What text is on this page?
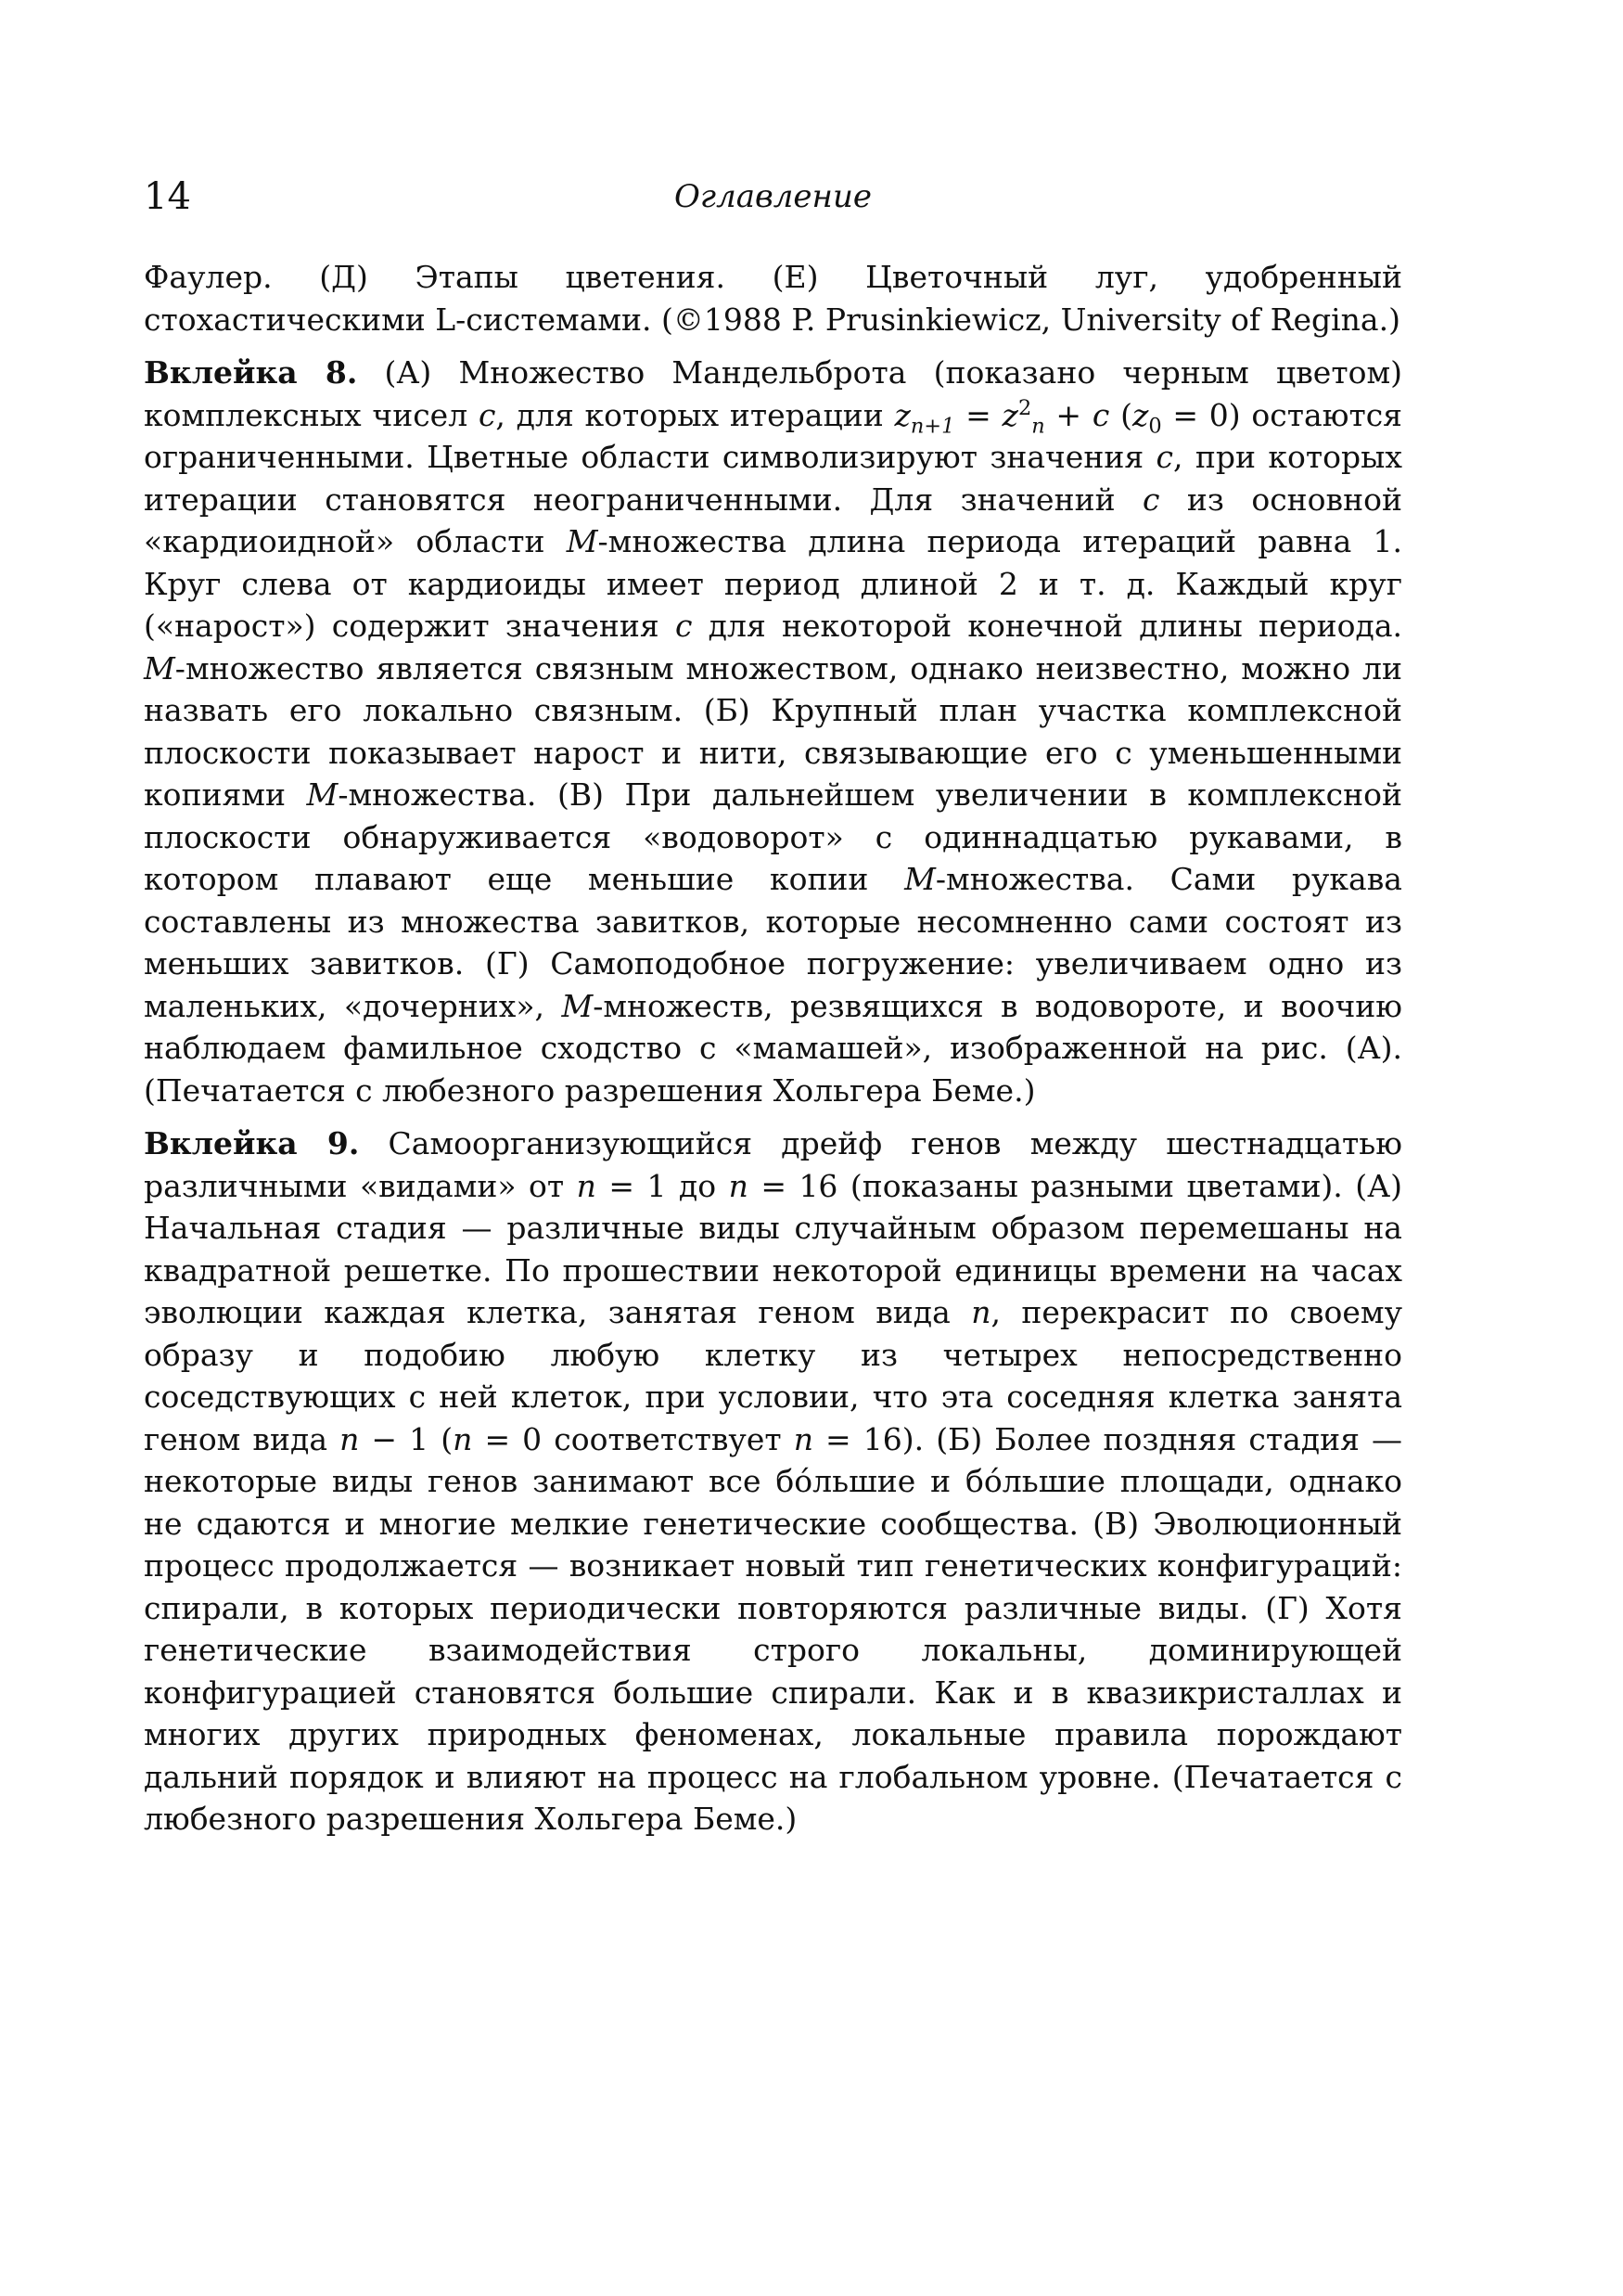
14	Оглавление

Фаулер. (Д) Этапы цветения. (Е) Цветочный луг, удобренный стохастическими L-системами. (©1988 P. Prusinkiewicz, University of Regina.)

Вклейка 8. (А) Множество Мандельброта (показано черным цветом) комплексных чисел c, для которых итерации $z_{n+1} = z^2_n + c$ $(z_0 = 0)$ остаются ограниченными. Цветные области символизируют значения c, при которых итерации становятся неограниченными. Для значений c из основной «кардиоидной» области M-множества длина периода итераций равна 1. Круг слева от кардиоиды имеет период длиной 2 и т. д. Каждый круг («нарост») содержит значения c для некоторой конечной длины периода. M-множество является связным множеством, однако неизвестно, можно ли назвать его локально связным. (Б) Крупный план участка комплексной плоскости показывает нарост и нити, связывающие его с уменьшенными копиями M-множества. (В) При дальнейшем увеличении в комплексной плоскости обнаруживается «водоворот» с одиннадцатью рукавами, в котором плавают еще меньшие копии M-множества. Сами рукава составлены из множества завитков, которые несомненно сами состоят из меньших завитков. (Г) Самоподобное погружение: увеличиваем одно из маленьких, «дочерних», M-множеств, резвящихся в водовороте, и воочию наблюдаем фамильное сходство с «мамашей», изображенной на рис. (А). (Печатается с любезного разрешения Хольгера Беме.)

Вклейка 9. Самоорганизующийся дрейф генов между шестнадцатью различными «видами» от n = 1 до n = 16 (показаны разными цветами). (А) Начальная стадия — различные виды случайным образом перемешаны на квадратной решетке. По прошествии некоторой единицы времени на часах эволюции каждая клетка, занятая геном вида n, перекрасит по своему образу и подобию любую клетку из четырех непосредственно соседствующих с ней клеток, при условии, что эта соседняя клетка занята геном вида n − 1 (n = 0 соответствует n = 16). (Б) Более поздняя стадия — некоторые виды генов занимают все бóльшие и бóльшие площади, однако не сдаются и многие мелкие генетические сообщества. (В) Эволюционный процесс продолжается — возникает новый тип генетических конфигураций: спирали, в которых периодически повторяются различные виды. (Г) Хотя генетические взаимодействия строго локальны, доминирующей конфигурацией становятся большие спирали. Как и в квазикристаллах и многих других природных феноменах, локальные правила порождают дальний порядок и влияют на процесс на глобальном уровне. (Печатается с любезного разрешения Хольгера Беме.)
